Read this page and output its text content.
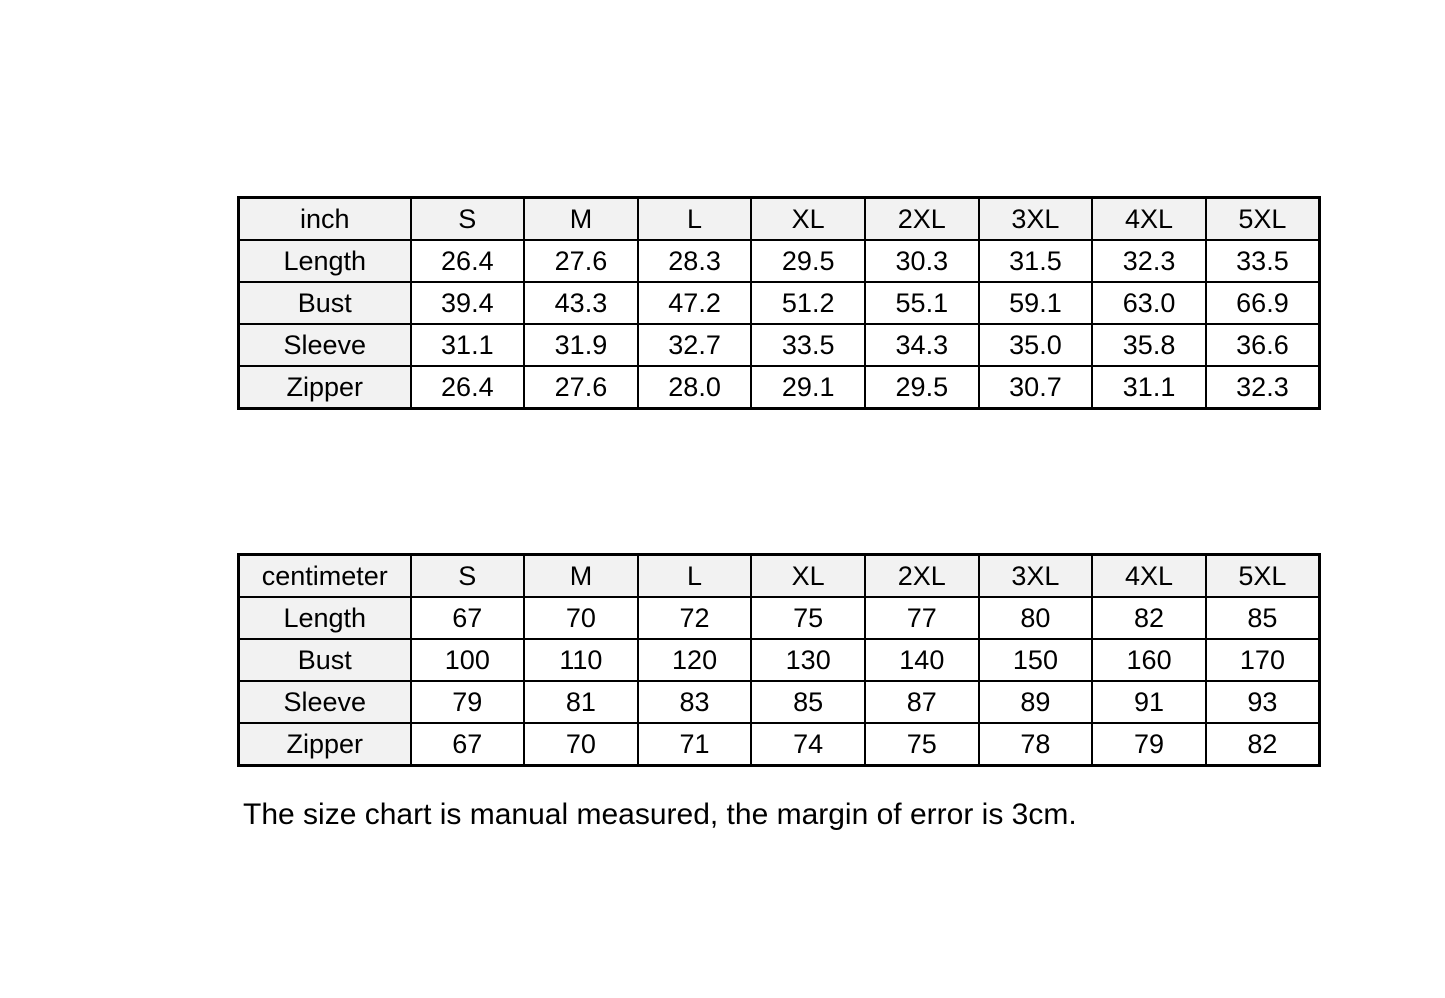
inch	S	M	L	XL	2XL	3XL	4XL	5XL
Length	26.4	27.6	28.3	29.5	30.3	31.5	32.3	33.5
Bust	39.4	43.3	47.2	51.2	55.1	59.1	63.0	66.9
Sleeve	31.1	31.9	32.7	33.5	34.3	35.0	35.8	36.6
Zipper	26.4	27.6	28.0	29.1	29.5	30.7	31.1	32.3
centimeter	S	M	L	XL	2XL	3XL	4XL	5XL
Length	67	70	72	75	77	80	82	85
Bust	100	110	120	130	140	150	160	170
Sleeve	79	81	83	85	87	89	91	93
Zipper	67	70	71	74	75	78	79	82

The size chart is manual measured, the margin of error is 3cm.
